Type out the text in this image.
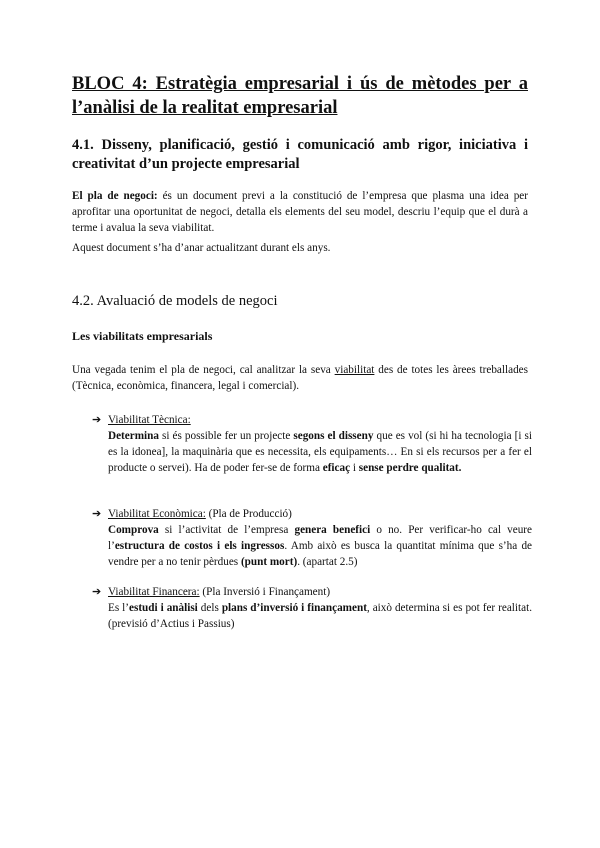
BLOC 4: Estratègia empresarial i ús de mètodes per a l’anàlisi de la realitat empresarial
4.1. Disseny, planificació, gestió i comunicació amb rigor, iniciativa i creativitat d’un projecte empresarial
El pla de negoci: és un document previ a la constitució de l’empresa que plasma una idea per aprofitar una oportunitat de negoci, detalla els elements del seu model, descriu l’equip que el durà a terme i avalua la seva viabilitat.
Aquest document s’ha d’anar actualitzant durant els anys.
4.2. Avaluació de models de negoci
Les viabilitats empresarials
Una vegada tenim el pla de negoci, cal analitzar la seva viabilitat des de totes les àrees treballades (Tècnica, econòmica, financera, legal i comercial).
➔ Viabilitat Tècnica:
Determina si és possible fer un projecte segons el disseny que es vol (si hi ha tecnologia [i si es la idonea], la maquinària que es necessita, els equipaments… En si els recursos per a fer el producte o servei). Ha de poder fer-se de forma eficaç i sense perdre qualitat.
➔ Viabilitat Econòmica: (Pla de Producció)
Comprova si l’activitat de l’empresa genera benefici o no. Per verificar-ho cal veure l’estructura de costos i els ingressos. Amb això es busca la quantitat mínima que s’ha de vendre per a no tenir pèrdues (punt mort). (apartat 2.5)
➔ Viabilitat Financera: (Pla Inversió i Finançament)
Es l’estudi i anàlisi dels plans d’inversió i finançament, això determina si es pot fer realitat. (previsió d’Actius i Passius)
